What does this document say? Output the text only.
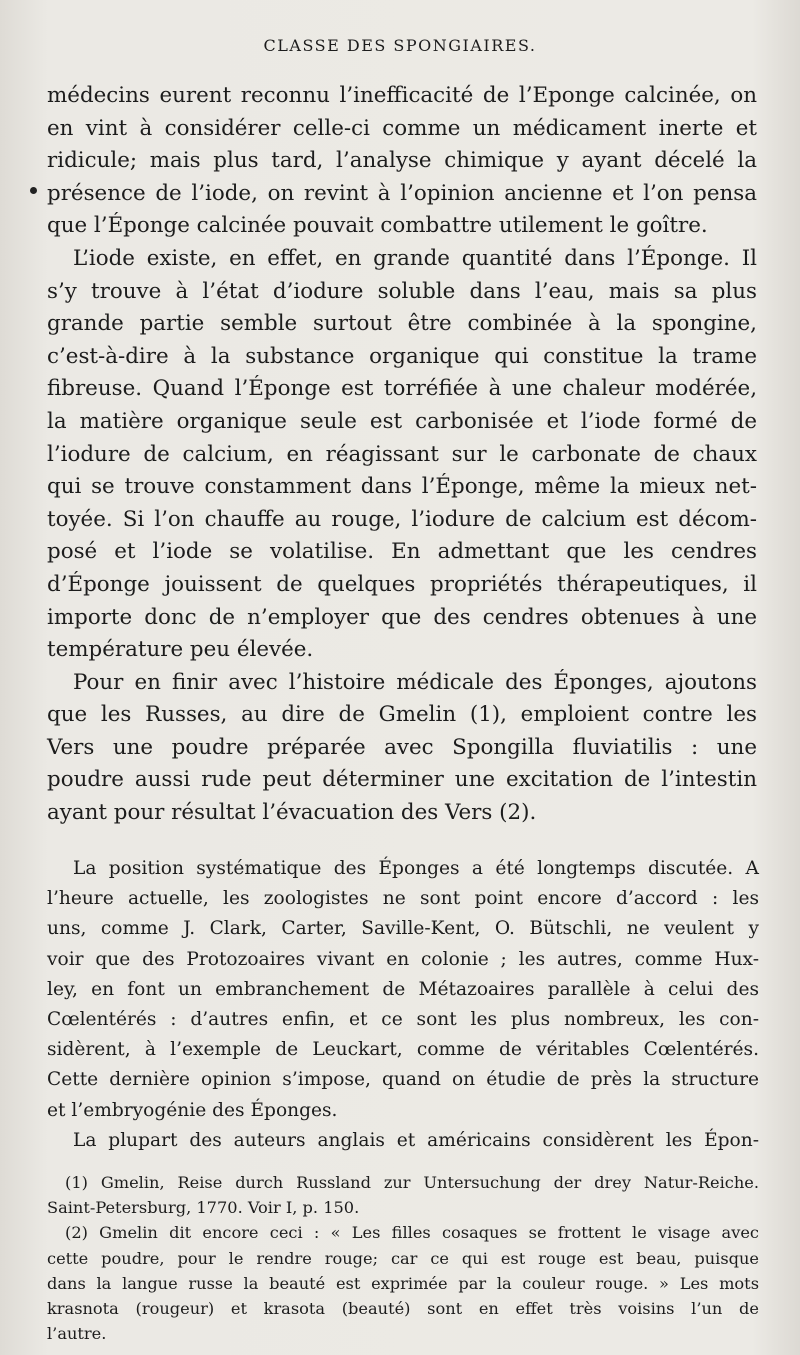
CLASSE DES SPONGIAIRES.
médecins eurent reconnu l’inefficacité de l’Eponge calcinée, on
en vint à considérer celle-ci comme un médicament inerte et
ridicule; mais plus tard, l’analyse chimique y ayant décelé la
présence de l’iode, on revint à l’opinion ancienne et l’on pensa
que l’Éponge calcinée pouvait combattre utilement le goître.
L’iode existe, en effet, en grande quantité dans l’Éponge. Il
s’y trouve à l’état d’iodure soluble dans l’eau, mais sa plus
grande partie semble surtout être combinée à la spongine,
c’est-à-dire à la substance organique qui constitue la trame
fibreuse. Quand l’Éponge est torréfiée à une chaleur modérée,
la matière organique seule est carbonisée et l’iode formé de
l’iodure de calcium, en réagissant sur le carbonate de chaux
qui se trouve constamment dans l’Éponge, même la mieux net-
toyée. Si l’on chauffe au rouge, l’iodure de calcium est décom-
posé et l’iode se volatilise. En admettant que les cendres
d’Éponge jouissent de quelques propriétés thérapeutiques, il
importe donc de n’employer que des cendres obtenues à une
température peu élevée.
Pour en finir avec l’histoire médicale des Éponges, ajoutons
que les Russes, au dire de Gmelin (1), emploient contre les
Vers une poudre préparée avec Spongilla fluviatilis : une
poudre aussi rude peut déterminer une excitation de l’intestin
ayant pour résultat l’évacuation des Vers (2).
La position systématique des Éponges a été longtemps discutée. A
l’heure actuelle, les zoologistes ne sont point encore d’accord : les
uns, comme J. Clark, Carter, Saville-Kent, O. Bütschli, ne veulent y
voir que des Protozoaires vivant en colonie ; les autres, comme Hux-
ley, en font un embranchement de Métazoaires parallèle à celui des
Cœlentérés : d’autres enfin, et ce sont les plus nombreux, les con-
sidèrent, à l’exemple de Leuckart, comme de véritables Cœlentérés.
Cette dernière opinion s’impose, quand on étudie de près la structure
et l’embryogénie des Éponges.
La plupart des auteurs anglais et américains considèrent les Épon-
(1) Gmelin, Reise durch Russland zur Untersuchung der drey Natur-Reiche.
Saint-Petersburg, 1770. Voir I, p. 150.
(2) Gmelin dit encore ceci : « Les filles cosaques se frottent le visage avec
cette poudre, pour le rendre rouge; car ce qui est rouge est beau, puisque
dans la langue russe la beauté est exprimée par la couleur rouge. » Les mots
krasnota (rougeur) et krasota (beauté) sont en effet très voisins l’un de
l’autre.
